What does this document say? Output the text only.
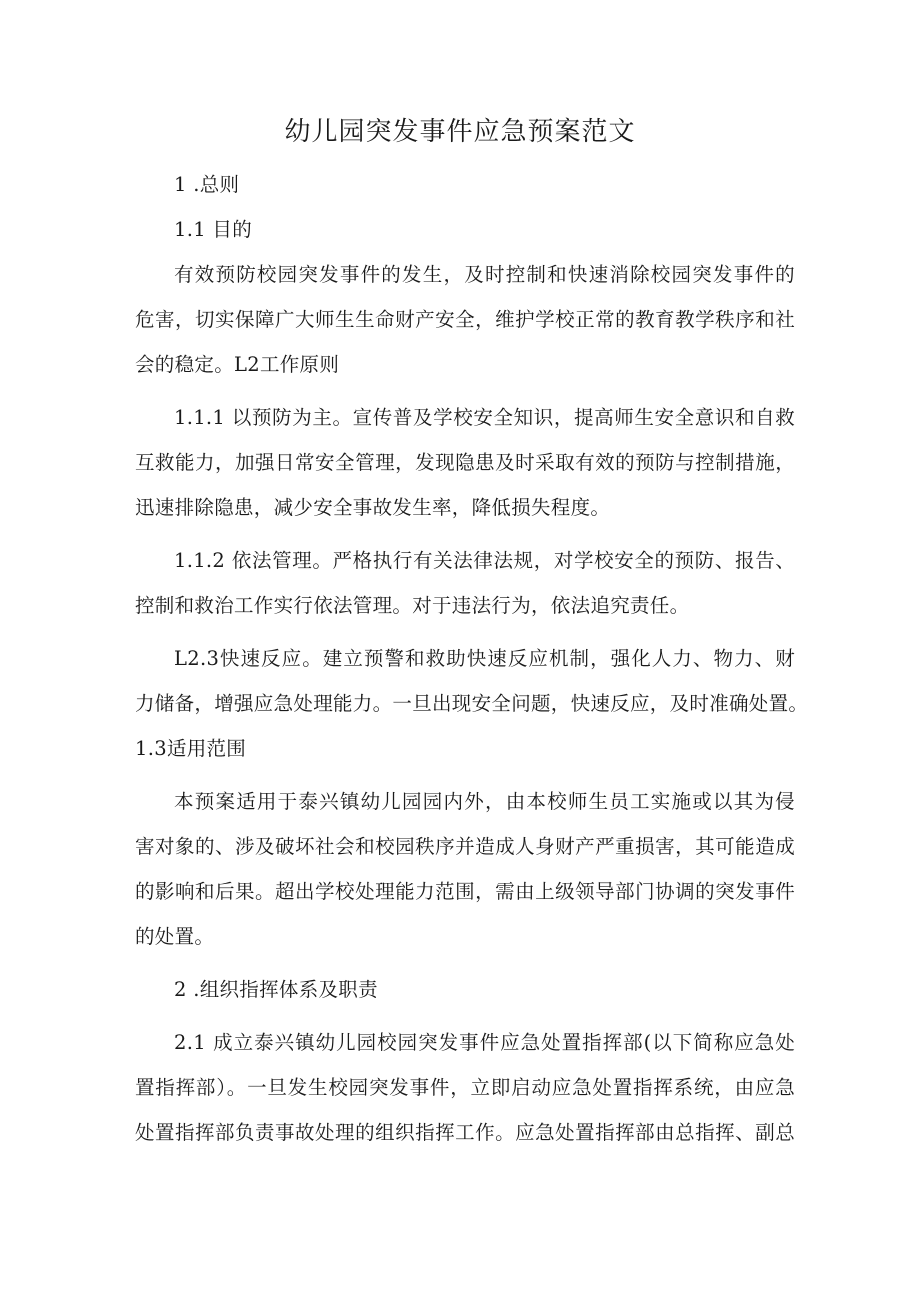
幼儿园突发事件应急预案范文
1 .总则
1.1 目的
有效预防校园突发事件的发生，及时控制和快速消除校园突发事件的
危害，切实保障广大师生生命财产安全，维护学校正常的教育教学秩序和社
会的稳定。L2工作原则
1.1.1 以预防为主。宣传普及学校安全知识，提高师生安全意识和自救
互救能力，加强日常安全管理，发现隐患及时采取有效的预防与控制措施，
迅速排除隐患，减少安全事故发生率，降低损失程度。
1.1.2 依法管理。严格执行有关法律法规，对学校安全的预防、报告、
控制和救治工作实行依法管理。对于违法行为，依法追究责任。
L2.3快速反应。建立预警和救助快速反应机制，强化人力、物力、财
力储备，增强应急处理能力。一旦出现安全问题，快速反应，及时准确处置。
1.3适用范围
本预案适用于泰兴镇幼儿园园内外，由本校师生员工实施或以其为侵
害对象的、涉及破坏社会和校园秩序并造成人身财产严重损害，其可能造成
的影响和后果。超出学校处理能力范围，需由上级领导部门协调的突发事件
的处置。
2 .组织指挥体系及职责
2.1 成立泰兴镇幼儿园校园突发事件应急处置指挥部(以下简称应急处
置指挥部）。一旦发生校园突发事件，立即启动应急处置指挥系统，由应急
处置指挥部负责事故处理的组织指挥工作。应急处置指挥部由总指挥、副总
